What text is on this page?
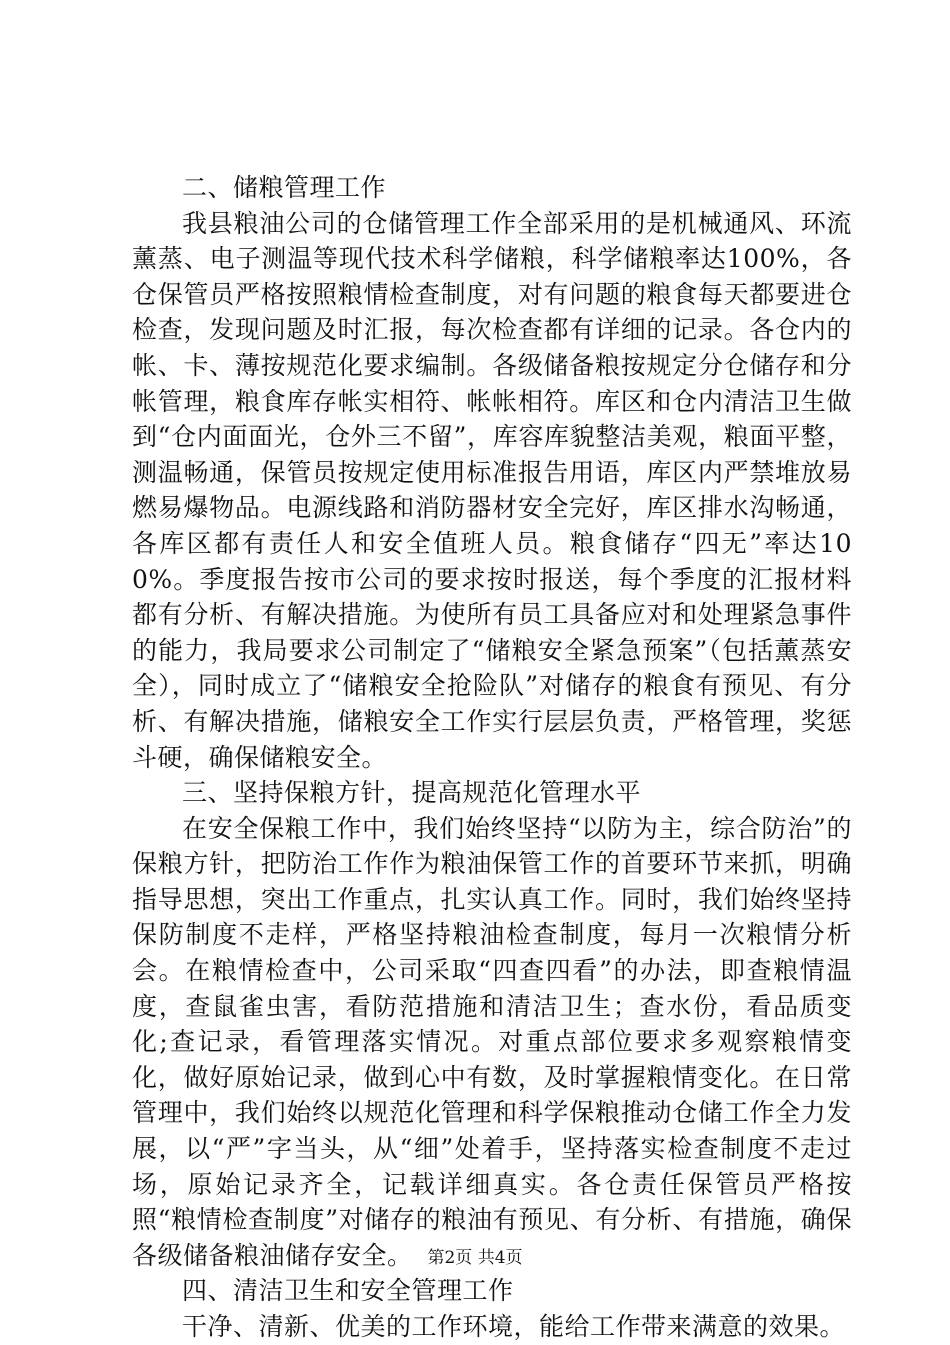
二、储粮管理工作

我县粮油公司的仓储管理工作全部采用的是机械通风、环流薰蒸、电子测温等现代技术科学储粮，科学储粮率达100%，各仓保管员严格按照粮情检查制度，对有问题的粮食每天都要进仓检查，发现问题及时汇报，每次检查都有详细的记录。各仓内的帐、卡、薄按规范化要求编制。各级储备粮按规定分仓储存和分帐管理，粮食库存帐实相符、帐帐相符。库区和仓内清洁卫生做到“仓内面面光，仓外三不留”，库容库貌整洁美观，粮面平整，测温畅通，保管员按规定使用标准报告用语，库区内严禁堆放易燃易爆物品。电源线路和消防器材安全完好，库区排水沟畅通，各库区都有责任人和安全值班人员。粮食储存“四无”率达100%。季度报告按市公司的要求按时报送，每个季度的汇报材料都有分析、有解决措施。为使所有员工具备应对和处理紧急事件的能力，我局要求公司制定了“储粮安全紧急预案”（包括薰蒸安全），同时成立了“储粮安全抢险队”对储存的粮食有预见、有分析、有解决措施，储粮安全工作实行层层负责，严格管理，奖惩斗硬，确保储粮安全。

三、坚持保粮方针，提高规范化管理水平

在安全保粮工作中，我们始终坚持“以防为主，综合防治”的保粮方针，把防治工作作为粮油保管工作的首要环节来抓，明确指导思想，突出工作重点，扎实认真工作。同时，我们始终坚持保防制度不走样，严格坚持粮油检查制度，每月一次粮情分析会。在粮情检查中，公司采取“四查四看”的办法，即查粮情温度，查鼠雀虫害，看防范措施和清洁卫生；查水份，看品质变化;查记录，看管理落实情况。对重点部位要求多观察粮情变化，做好原始记录，做到心中有数，及时掌握粮情变化。在日常管理中，我们始终以规范化管理和科学保粮推动仓储工作全力发展，以“严”字当头，从“细”处着手，坚持落实检查制度不走过场，原始记录齐全，记载详细真实。各仓责任保管员严格按照“粮情检查制度”对储存的粮油有预见、有分析、有措施，确保各级储备粮油储存安全。

四、清洁卫生和安全管理工作

干净、清新、优美的工作环境，能给工作带来满意的效果。

第2页 共4页
